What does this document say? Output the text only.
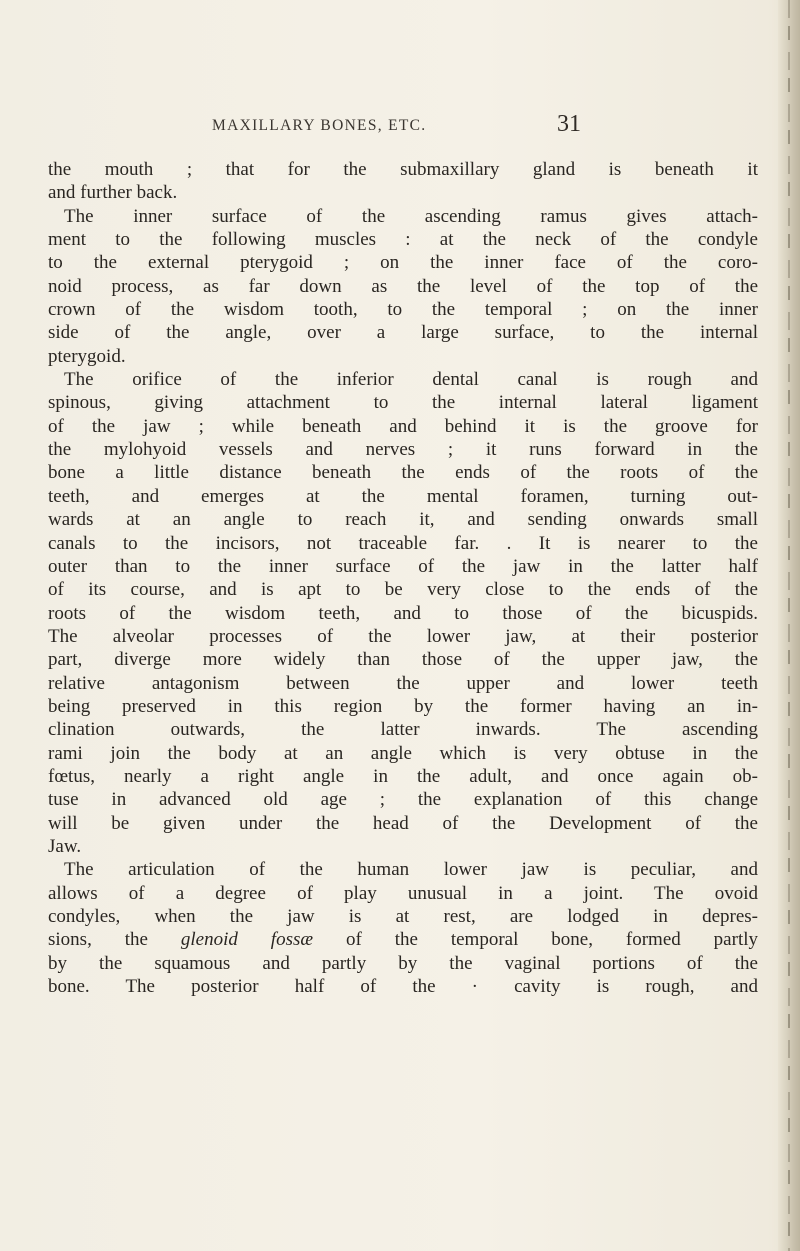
MAXILLARY BONES, ETC.	31
the mouth ; that for the submaxillary gland is beneath it
and further back.
The inner surface of the ascending ramus gives attach-
ment to the following muscles : at the neck of the condyle
to the external pterygoid ; on the inner face of the coro-
noid process, as far down as the level of the top of the
crown of the wisdom tooth, to the temporal ; on the inner
side of the angle, over a large surface, to the internal
pterygoid.
The orifice of the inferior dental canal is rough and
spinous, giving attachment to the internal lateral ligament
of the jaw ; while beneath and behind it is the groove for
the mylohyoid vessels and nerves ; it runs forward in the
bone a little distance beneath the ends of the roots of the
teeth, and emerges at the mental foramen, turning out-
wards at an angle to reach it, and sending onwards small
canals to the incisors, not traceable far. . It is nearer to the
outer than to the inner surface of the jaw in the latter half
of its course, and is apt to be very close to the ends of the
roots of the wisdom teeth, and to those of the bicuspids.
The alveolar processes of the lower jaw, at their posterior
part, diverge more widely than those of the upper jaw, the
relative antagonism between the upper and lower teeth
being preserved in this region by the former having an in-
clination outwards, the latter inwards. The ascending
rami join the body at an angle which is very obtuse in the
fœtus, nearly a right angle in the adult, and once again ob-
tuse in advanced old age ; the explanation of this change
will be given under the head of the Development of the
Jaw.
The articulation of the human lower jaw is peculiar, and
allows of a degree of play unusual in a joint. The ovoid
condyles, when the jaw is at rest, are lodged in depres-
sions, the glenoid fossæ of the temporal bone, formed partly
by the squamous and partly by the vaginal portions of the
bone. The posterior half of the · cavity is rough, and
